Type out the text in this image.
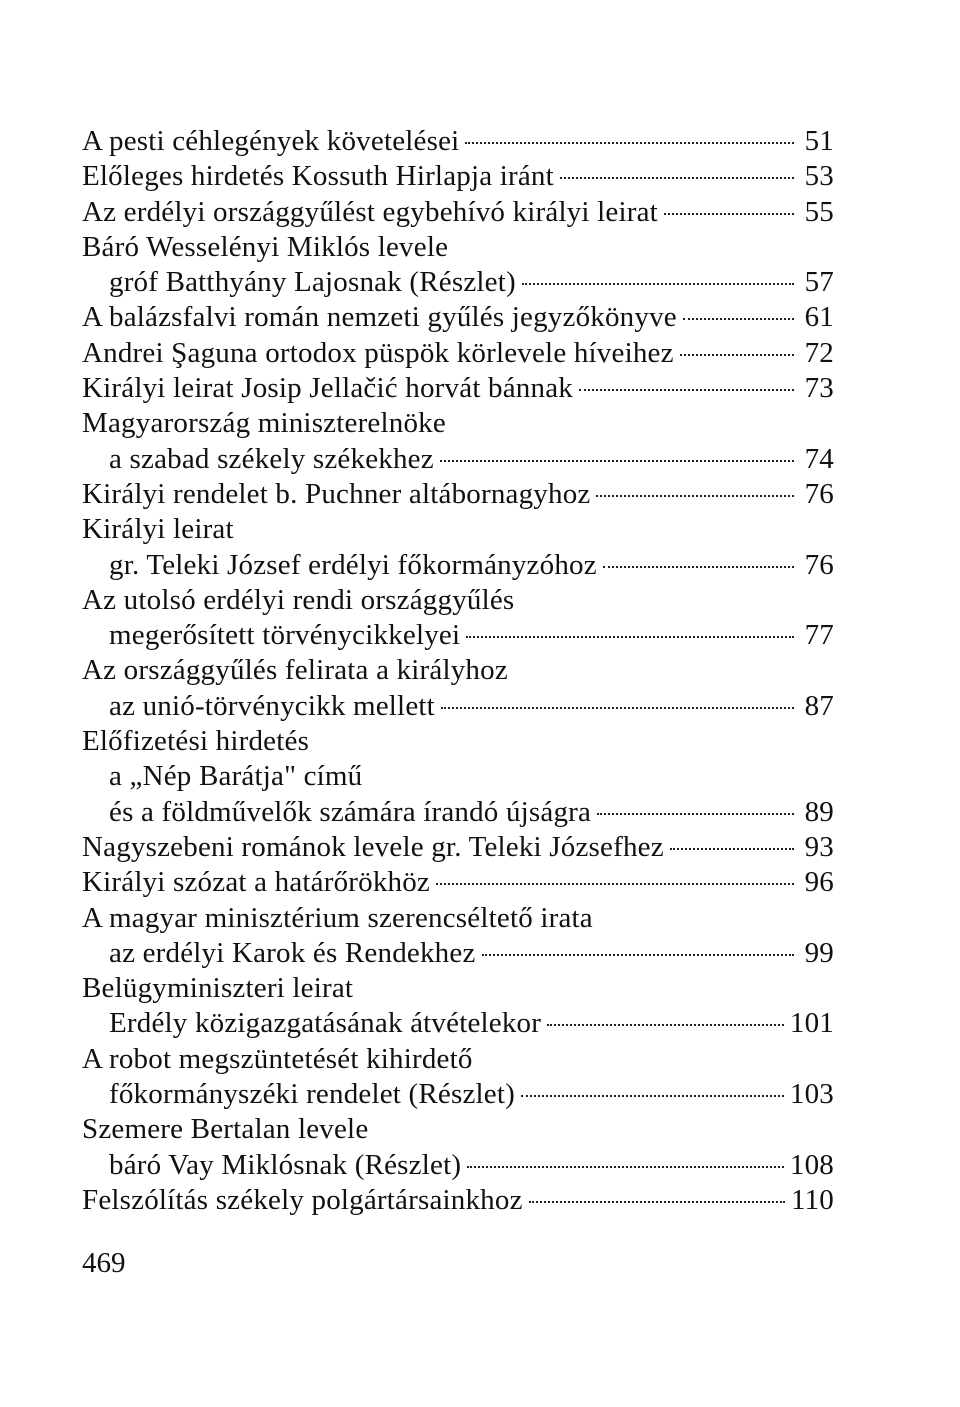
A pesti céhlegények követelései	51
Előleges hirdetés Kossuth Hirlapja iránt	53
Az erdélyi országgyűlést egybehívó királyi leirat	55
Báró Wesselényi Miklós levele
gróf Batthyány Lajosnak (Részlet)	57
A balázsfalvi román nemzeti gyűlés jegyzőkönyve	61
Andrei Şaguna ortodox püspök körlevele híveihez	72
Királyi leirat Josip Jellačić horvát bánnak	73
Magyarország miniszterelnöke
a szabad székely székekhez	74
Királyi rendelet b. Puchner altábornagyhoz	76
Királyi leirat
gr. Teleki József erdélyi főkormányzóhoz	76
Az utolsó erdélyi rendi országgyűlés
megerősített törvénycikkelyei	77
Az országgyűlés felirata a királyhoz
az unió-törvénycikk mellett	87
Előfizetési hirdetés
a „Nép Barátja" című
és a földművelők számára írandó újságra	89
Nagyszebeni románok levele gr. Teleki Józsefhez	93
Királyi szózat a határőrökhöz	96
A magyar minisztérium szerencséltető irata
az erdélyi Karok és Rendekhez	99
Belügyminiszteri leirat
Erdély közigazgatásának átvételekor	101
A robot megszüntetését kihirdető
főkormányszéki rendelet (Részlet)	103
Szemere Bertalan levele
báró Vay Miklósnak (Részlet)	108
Felszólítás székely polgártársainkhoz	110
469
